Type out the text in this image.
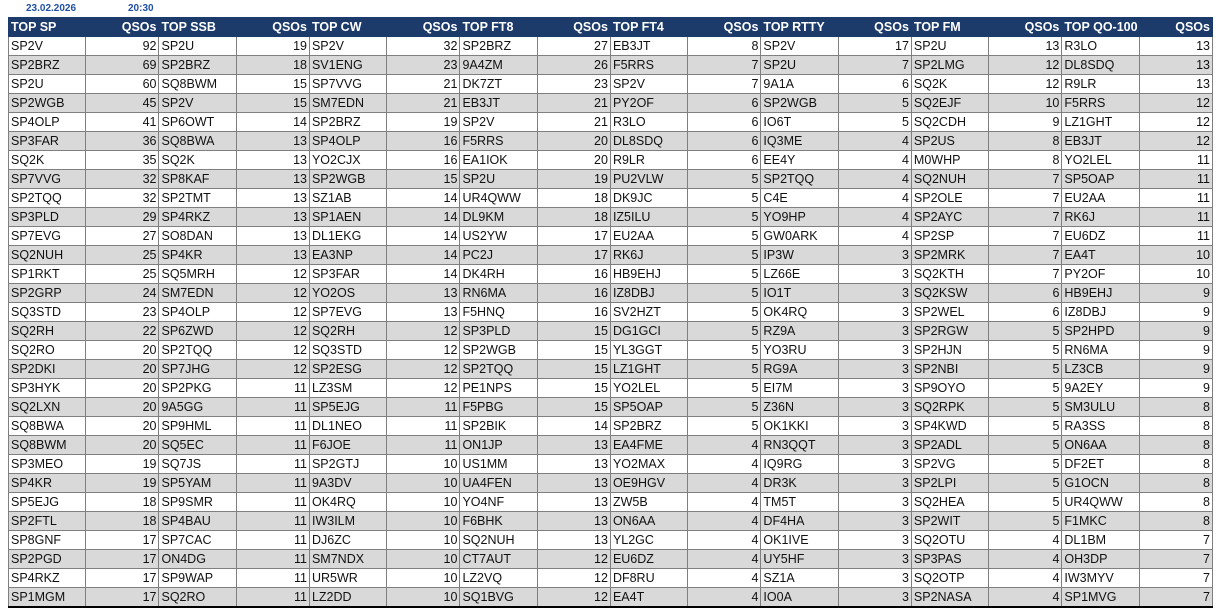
23.02.2026	20:30
TOP SP	QSOs	TOP SSB	QSOs	TOP CW	QSOs	TOP FT8	QSOs	TOP FT4	QSOs	TOP RTTY	QSOs	TOP FM	QSOs	TOP QO-100	QSOs
SP2V	92	SP2U	19	SP2V	32	SP2BRZ	27	EB3JT	8	SP2V	17	SP2U	13	R3LO	13
SP2BRZ	69	SP2BRZ	18	SV1ENG	23	9A4ZM	26	F5RRS	7	SP2U	7	SP2LMG	12	DL8SDQ	13
SP2U	60	SQ8BWM	15	SP7VVG	21	DK7ZT	23	SP2V	7	9A1A	6	SQ2K	12	R9LR	13
SP2WGB	45	SP2V	15	SM7EDN	21	EB3JT	21	PY2OF	6	SP2WGB	5	SQ2EJF	10	F5RRS	12
SP4OLP	41	SP6OWT	14	SP2BRZ	19	SP2V	21	R3LO	6	IO6T	5	SQ2CDH	9	LZ1GHT	12
SP3FAR	36	SQ8BWA	13	SP4OLP	16	F5RRS	20	DL8SDQ	6	IQ3ME	4	SP2US	8	EB3JT	12
SQ2K	35	SQ2K	13	YO2CJX	16	EA1IOK	20	R9LR	6	EE4Y	4	M0WHP	8	YO2LEL	11
SP7VVG	32	SP8KAF	13	SP2WGB	15	SP2U	19	PU2VLW	5	SP2TQQ	4	SQ2NUH	7	SP5OAP	11
SP2TQQ	32	SP2TMT	13	SZ1AB	14	UR4QWW	18	DK9JC	5	C4E	4	SP2OLE	7	EU2AA	11
SP3PLD	29	SP4RKZ	13	SP1AEN	14	DL9KM	18	IZ5ILU	5	YO9HP	4	SP2AYC	7	RK6J	11
SP7EVG	27	SO8DAN	13	DL1EKG	14	US2YW	17	EU2AA	5	GW0ARK	4	SP2SP	7	EU6DZ	11
SQ2NUH	25	SP4KR	13	EA3NP	14	PC2J	17	RK6J	5	IP3W	3	SP2MRK	7	EA4T	10
SP1RKT	25	SQ5MRH	12	SP3FAR	14	DK4RH	16	HB9EHJ	5	LZ66E	3	SQ2KTH	7	PY2OF	10
SP2GRP	24	SM7EDN	12	YO2OS	13	RN6MA	16	IZ8DBJ	5	IO1T	3	SQ2KSW	6	HB9EHJ	9
SQ3STD	23	SP4OLP	12	SP7EVG	13	F5HNQ	16	SV2HZT	5	OK4RQ	3	SP2WEL	6	IZ8DBJ	9
SQ2RH	22	SP6ZWD	12	SQ2RH	12	SP3PLD	15	DG1GCI	5	RZ9A	3	SP2RGW	5	SP2HPD	9
SQ2RO	20	SP2TQQ	12	SQ3STD	12	SP2WGB	15	YL3GGT	5	YO3RU	3	SP2HJN	5	RN6MA	9
SP2DKI	20	SP7JHG	12	SP2ESG	12	SP2TQQ	15	LZ1GHT	5	RG9A	3	SP2NBI	5	LZ3CB	9
SP3HYK	20	SP2PKG	11	LZ3SM	12	PE1NPS	15	YO2LEL	5	EI7M	3	SP9OYO	5	9A2EY	9
SQ2LXN	20	9A5GG	11	SP5EJG	11	F5PBG	15	SP5OAP	5	Z36N	3	SQ2RPK	5	SM3ULU	8
SQ8BWA	20	SP9HML	11	DL1NEO	11	SP2BIK	14	SP2BRZ	5	OK1KKI	3	SP4KWD	5	RA3SS	8
SQ8BWM	20	SQ5EC	11	F6JOE	11	ON1JP	13	EA4FME	4	RN3QQT	3	SP2ADL	5	ON6AA	8
SP3MEO	19	SQ7JS	11	SP2GTJ	10	US1MM	13	YO2MAX	4	IQ9RG	3	SP2VG	5	DF2ET	8
SP4KR	19	SP5YAM	11	9A3DV	10	UA4FEN	13	OE9HGV	4	DR3K	3	SP2LPI	5	G1OCN	8
SP5EJG	18	SP9SMR	11	OK4RQ	10	YO4NF	13	ZW5B	4	TM5T	3	SQ2HEA	5	UR4QWW	8
SP2FTL	18	SP4BAU	11	IW3ILM	10	F6BHK	13	ON6AA	4	DF4HA	3	SP2WIT	5	F1MKC	8
SP8GNF	17	SP7CAC	11	DJ6ZC	10	SQ2NUH	13	YL2GC	4	OK1IVE	3	SQ2OTU	4	DL1BM	7
SP2PGD	17	ON4DG	11	SM7NDX	10	CT7AUT	12	EU6DZ	4	UY5HF	3	SP3PAS	4	OH3DP	7
SP4RKZ	17	SP9WAP	11	UR5WR	10	LZ2VQ	12	DF8RU	4	SZ1A	3	SQ2OTP	4	IW3MYV	7
SP1MGM	17	SQ2RO	11	LZ2DD	10	SQ1BVG	12	EA4T	4	IO0A	3	SP2NASA	4	SP1MVG	7
